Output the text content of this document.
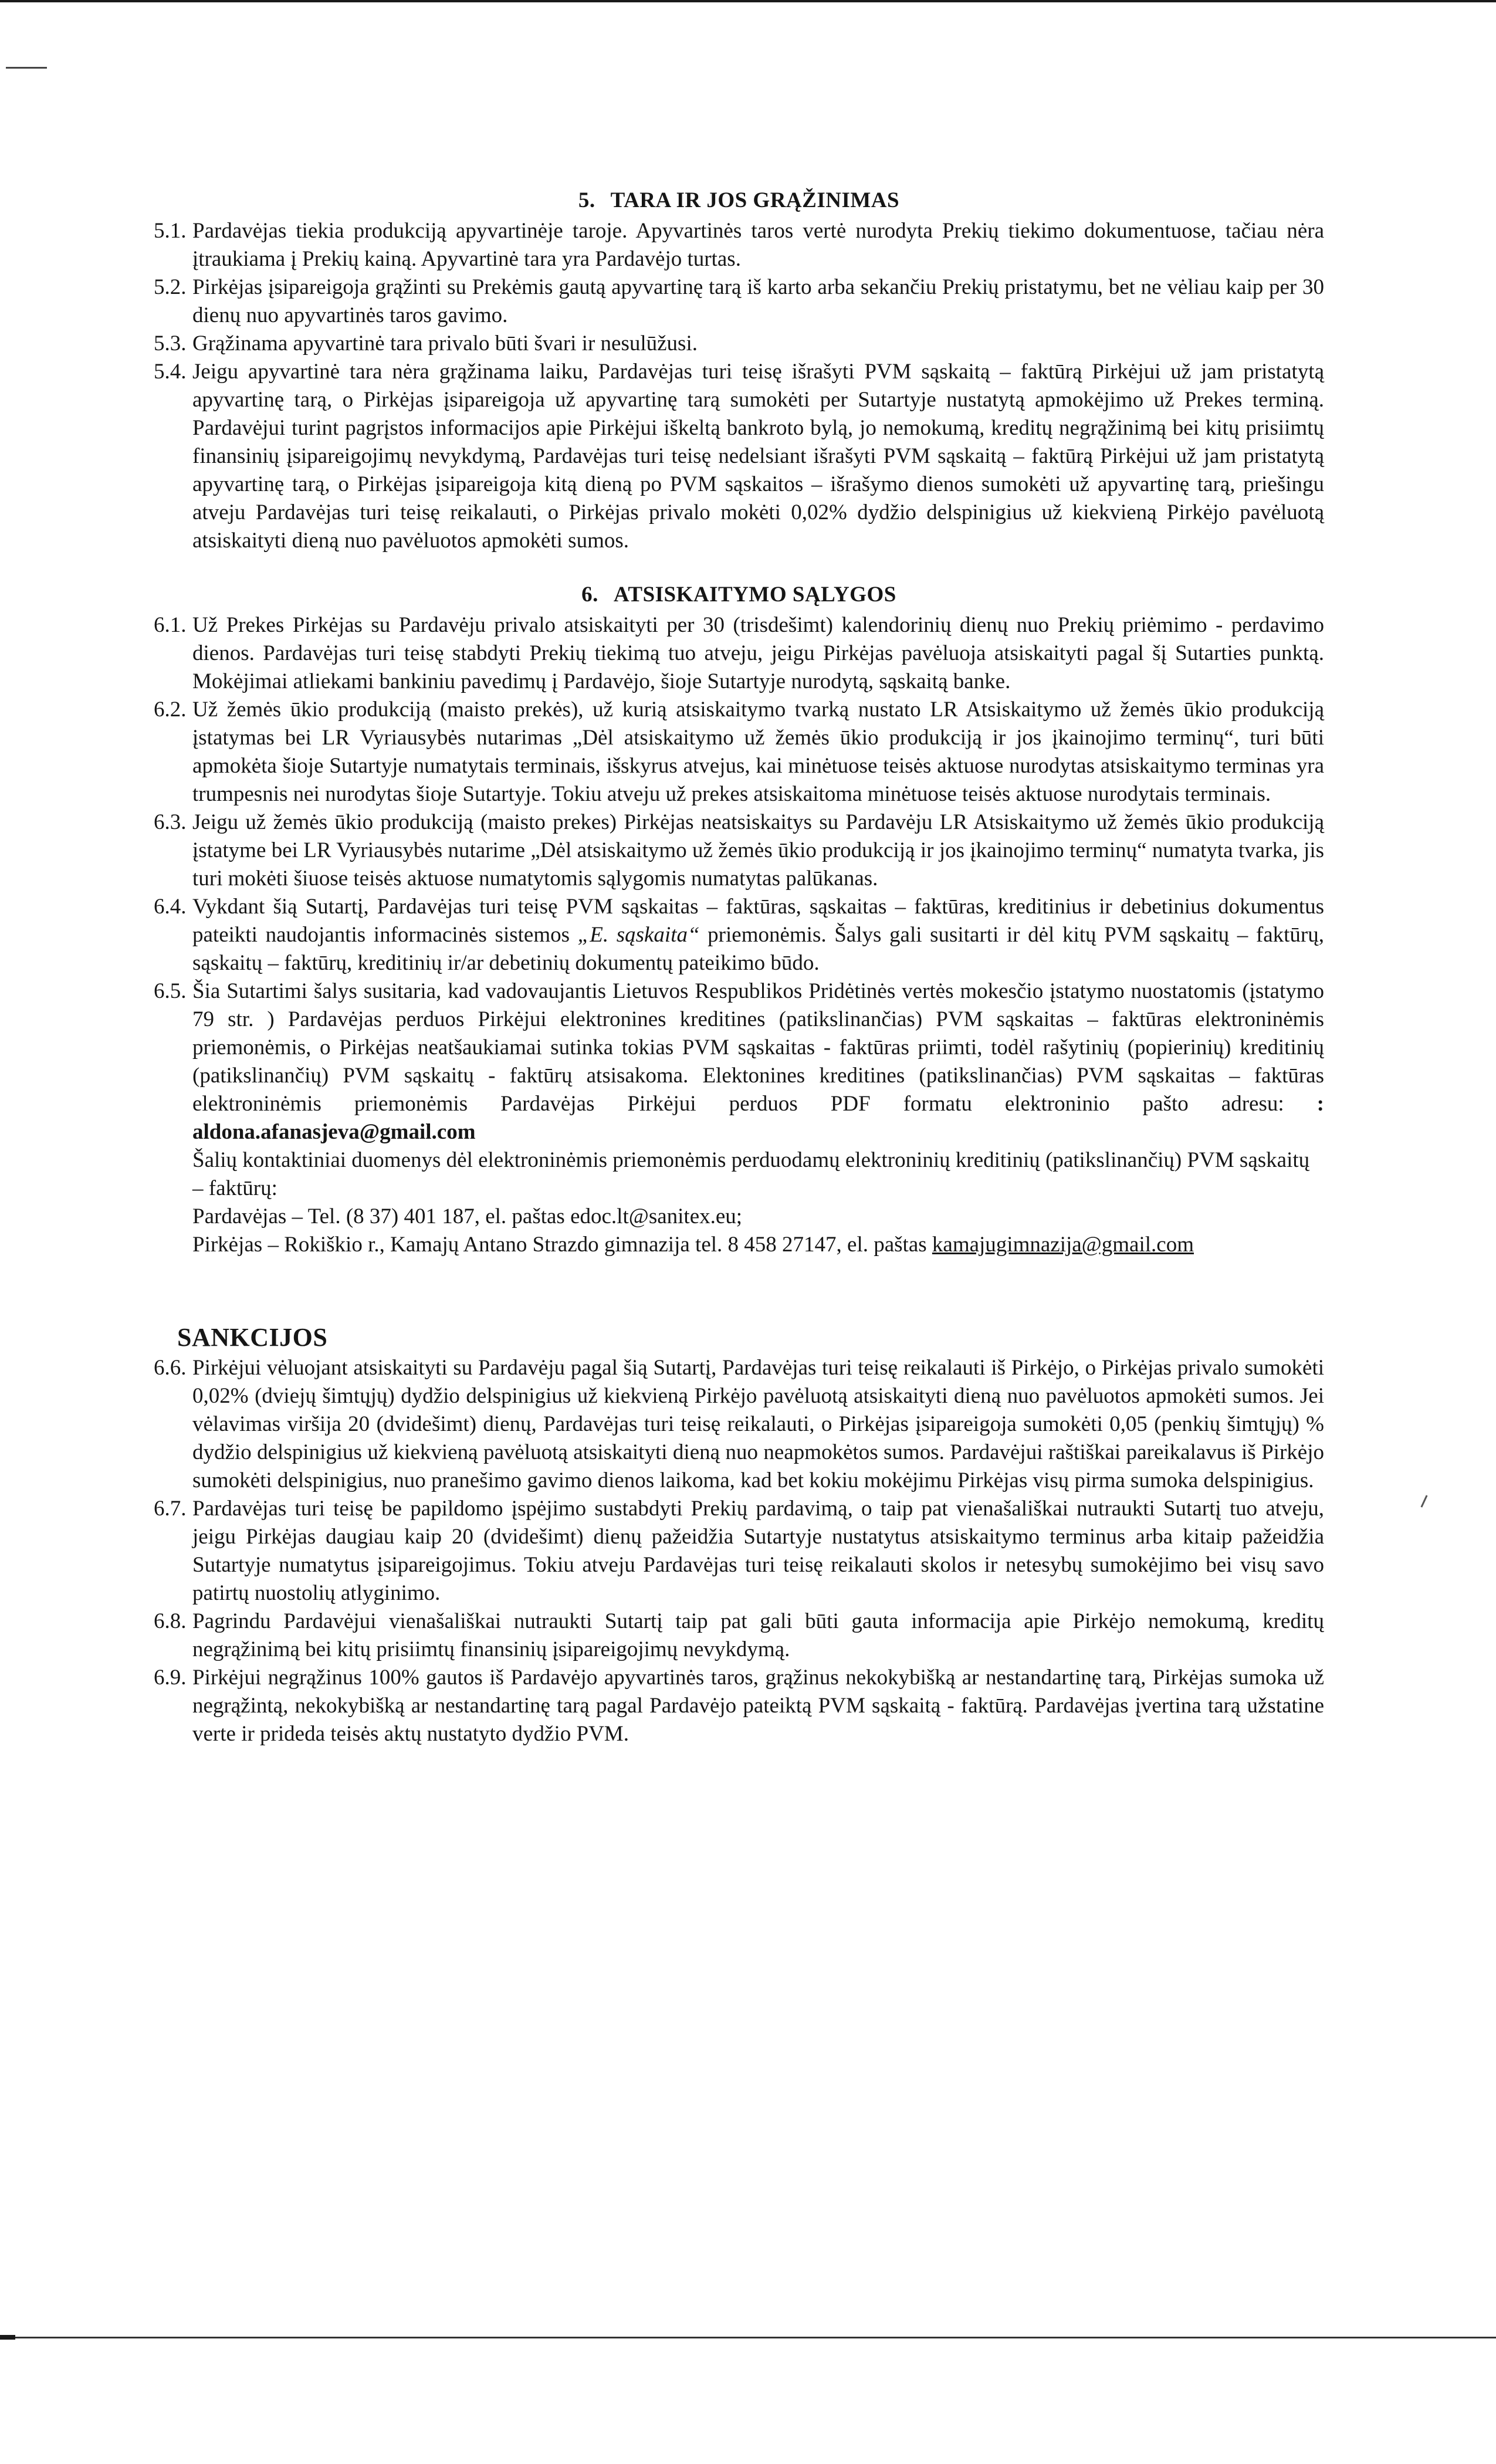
5. TARA IR JOS GRĄŽINIMAS
5.1. Pardavėjas tiekia produkciją apyvartinėje taroje. Apyvartinės taros vertė nurodyta Prekių tiekimo dokumentuose, tačiau nėra įtraukiama į Prekių kainą. Apyvartinė tara yra Pardavėjo turtas.
5.2. Pirkėjas įsipareigoja grąžinti su Prekėmis gautą apyvartinę tarą iš karto arba sekančiu Prekių pristatymu, bet ne vėliau kaip per 30 dienų nuo apyvartinės taros gavimo.
5.3. Grąžinama apyvartinė tara privalo būti švari ir nesulūžusi.
5.4. Jeigu apyvartinė tara nėra grąžinama laiku, Pardavėjas turi teisę išrašyti PVM sąskaitą – faktūrą Pirkėjui už jam pristatytą apyvartinę tarą, o Pirkėjas įsipareigoja už apyvartinę tarą sumokėti per Sutartyje nustatytą apmokėjimo už Prekes terminą. Pardavėjui turint pagrįstos informacijos apie Pirkėjui iškeltą bankroto bylą, jo nemokumą, kreditų negrąžinimą bei kitų prisiimtų finansinių įsipareigojimų nevykdymą, Pardavėjas turi teisę nedelsiant išrašyti PVM sąskaitą – faktūrą Pirkėjui už jam pristatytą apyvartinę tarą, o Pirkėjas įsipareigoja kitą dieną po PVM sąskaitos – išrašymo dienos sumokėti už apyvartinę tarą, priešingu atveju Pardavėjas turi teisę reikalauti, o Pirkėjas privalo mokėti 0,02% dydžio delspinigius už kiekvieną Pirkėjo pavėluotą atsiskaityti dieną nuo pavėluotos apmokėti sumos.
6. ATSISKAITYMO SĄLYGOS
6.1. Už Prekes Pirkėjas su Pardavėju privalo atsiskaityti per 30 (trisdešimt) kalendorinių dienų nuo Prekių priėmimo - perdavimo dienos. Pardavėjas turi teisę stabdyti Prekių tiekimą tuo atveju, jeigu Pirkėjas pavėluoja atsiskaityti pagal šį Sutarties punktą. Mokėjimai atliekami bankiniu pavedimų į Pardavėjo, šioje Sutartyje nurodytą, sąskaitą banke.
6.2. Už žemės ūkio produkciją (maisto prekės), už kurią atsiskaitymo tvarką nustato LR Atsiskaitymo už žemės ūkio produkciją įstatymas bei LR Vyriausybės nutarimas „Dėl atsiskaitymo už žemės ūkio produkciją ir jos įkainojimo terminų“, turi būti apmokėta šioje Sutartyje numatytais terminais, išskyrus atvejus, kai minėtuose teisės aktuose nurodytas atsiskaitymo terminas yra trumpesnis nei nurodytas šioje Sutartyje. Tokiu atveju už prekes atsiskaitoma minėtuose teisės aktuose nurodytais terminais.
6.3. Jeigu už žemės ūkio produkciją (maisto prekes) Pirkėjas neatsiskaitys su Pardavėju LR Atsiskaitymo už žemės ūkio produkciją įstatyme bei LR Vyriausybės nutarime „Dėl atsiskaitymo už žemės ūkio produkciją ir jos įkainojimo terminų“ numatyta tvarka, jis turi mokėti šiuose teisės aktuose numatytomis sąlygomis numatytas palūkanas.
6.4. Vykdant šią Sutartį, Pardavėjas turi teisę PVM sąskaitas – faktūras, sąskaitas – faktūras, kreditinius ir debetinius dokumentus pateikti naudojantis informacinės sistemos „E. sąskaita“ priemonėmis. Šalys gali susitarti ir dėl kitų PVM sąskaitų – faktūrų, sąskaitų – faktūrų, kreditinių ir/ar debetinių dokumentų pateikimo būdo.
6.5. Šia Sutartimi šalys susitaria, kad vadovaujantis Lietuvos Respublikos Pridėtinės vertės mokesčio įstatymo nuostatomis (įstatymo 79 str. ) Pardavėjas perduos Pirkėjui elektronines kreditines (patikslinančias) PVM sąskaitas – faktūras elektroninėmis priemonėmis, o Pirkėjas neatšaukiamai sutinka tokias PVM sąskaitas - faktūras priimti, todėl rašytinių (popierinių) kreditinių (patikslinančių) PVM sąskaitų - faktūrų atsisakoma. Elektonines kreditines (patikslinančias) PVM sąskaitas – faktūras elektroninėmis priemonėmis Pardavėjas Pirkėjui perduos PDF formatu elektroninio pašto adresu: : aldona.afanasjeva@gmail.com
Šalių kontaktiniai duomenys dėl elektroninėmis priemonėmis perduodamų elektroninių kreditinių (patikslinančių) PVM sąskaitų – faktūrų:
Pardavėjas – Tel. (8 37) 401 187, el. paštas edoc.lt@sanitex.eu;
Pirkėjas – Rokiškio r., Kamajų Antano Strazdo gimnazija tel. 8 458 27147, el. paštas kamajugimnazija@gmail.com
SANKCIJOS
6.6. Pirkėjui vėluojant atsiskaityti su Pardavėju pagal šią Sutartį, Pardavėjas turi teisę reikalauti iš Pirkėjo, o Pirkėjas privalo sumokėti 0,02% (dviejų šimtųjų) dydžio delspinigius už kiekvieną Pirkėjo pavėluotą atsiskaityti dieną nuo pavėluotos apmokėti sumos. Jei vėlavimas viršija 20 (dvidešimt) dienų, Pardavėjas turi teisę reikalauti, o Pirkėjas įsipareigoja sumokėti 0,05 (penkių šimtųjų) % dydžio delspinigius už kiekvieną pavėluotą atsiskaityti dieną nuo neapmokėtos sumos. Pardavėjui raštiškai pareikalavus iš Pirkėjo sumokėti delspinigius, nuo pranešimo gavimo dienos laikoma, kad bet kokiu mokėjimu Pirkėjas visų pirma sumoka delspinigius.
6.7. Pardavėjas turi teisę be papildomo įspėjimo sustabdyti Prekių pardavimą, o taip pat vienašališkai nutraukti Sutartį tuo atveju, jeigu Pirkėjas daugiau kaip 20 (dvidešimt) dienų pažeidžia Sutartyje nustatytus atsiskaitymo terminus arba kitaip pažeidžia Sutartyje numatytus įsipareigojimus. Tokiu atveju Pardavėjas turi teisę reikalauti skolos ir netesybų sumokėjimo bei visų savo patirtų nuostolių atlyginimo.
6.8. Pagrindu Pardavėjui vienašališkai nutraukti Sutartį taip pat gali būti gauta informacija apie Pirkėjo nemokumą, kreditų negrąžinimą bei kitų prisiimtų finansinių įsipareigojimų nevykdymą.
6.9. Pirkėjui negrąžinus 100% gautos iš Pardavėjo apyvartinės taros, grąžinus nekokybišką ar nestandartinę tarą, Pirkėjas sumoka už negrąžintą, nekokybišką ar nestandartinę tarą pagal Pardavėjo pateiktą PVM sąskaitą - faktūrą. Pardavėjas įvertina tarą užstatine verte ir prideda teisės aktų nustatyto dydžio PVM.
